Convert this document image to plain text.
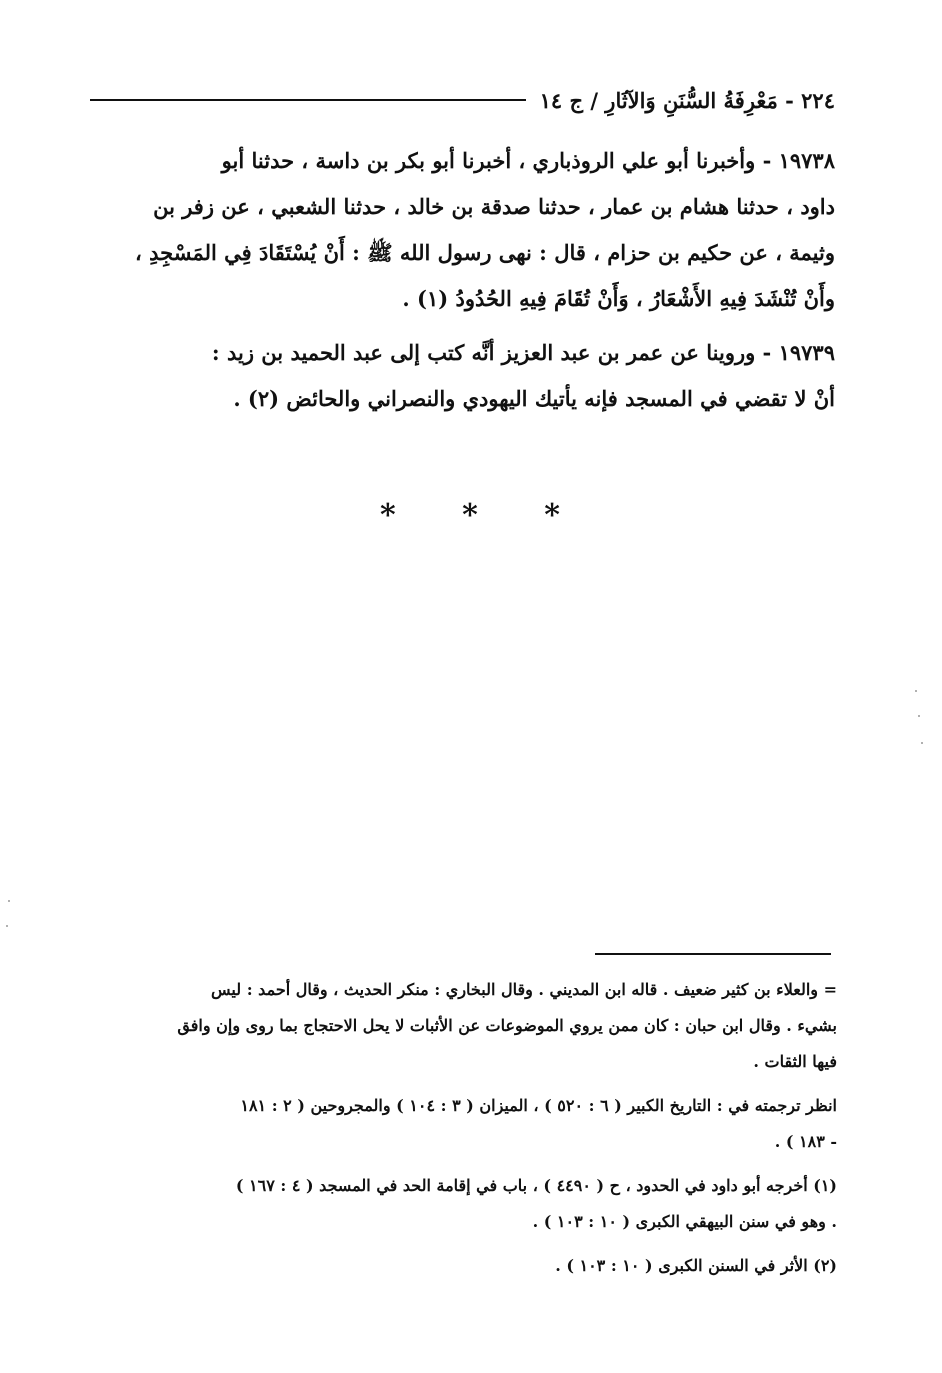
٢٢٤ - مَعْرِفَةُ السُّنَنِ وَالآثَارِ / ج ١٤

١٩٧٣٨ - وأخبرنا أبو علي الروذباري ، أخبرنا أبو بكر بن داسة ، حدثنا أبو

داود ، حدثنا هشام بن عمار ، حدثنا صدقة بن خالد ، حدثنا الشعبي ، عن زفر بن

وثيمة ، عن حكيم بن حزام ، قال : نهى رسول الله ﷺ : أَنْ يُسْتَقَادَ فِي المَسْجِدِ ،

وأَنْ تُنْشَدَ فِيهِ الأَشْعَارُ ، وَأَنْ تُقَامَ فِيهِ الحُدُودُ (١) .

١٩٧٣٩ - وروينا عن عمر بن عبد العزيز أنَّه كتب إلى عبد الحميد بن زيد :

أنْ لا تقضي في المسجد فإنه يأتيك اليهودي والنصراني والحائض (٢) .

*
*
*

= والعلاء بن كثير ضعيف . قاله ابن المديني . وقال البخاري : منكر الحديث ، وقال أحمد : ليس

بشيء . وقال ابن حبان : كان ممن يروي الموضوعات عن الأثبات لا يحل الاحتجاج بما روى وإن وافق

فيها الثقات .

انظر ترجمته في : التاريخ الكبير ( ٦ : ٥٢٠ ) ، الميزان ( ٣ : ١٠٤ ) والمجروحين ( ٢ : ١٨١

- ١٨٣ ) .

(١) أخرجه أبو داود في الحدود ، ح ( ٤٤٩٠ ) ، باب في إقامة الحد في المسجد ( ٤ : ١٦٧ )

. وهو في سنن البيهقي الكبرى ( ١٠ : ١٠٣ ) .

(٢) الأثر في السنن الكبرى ( ١٠ : ١٠٣ ) .
